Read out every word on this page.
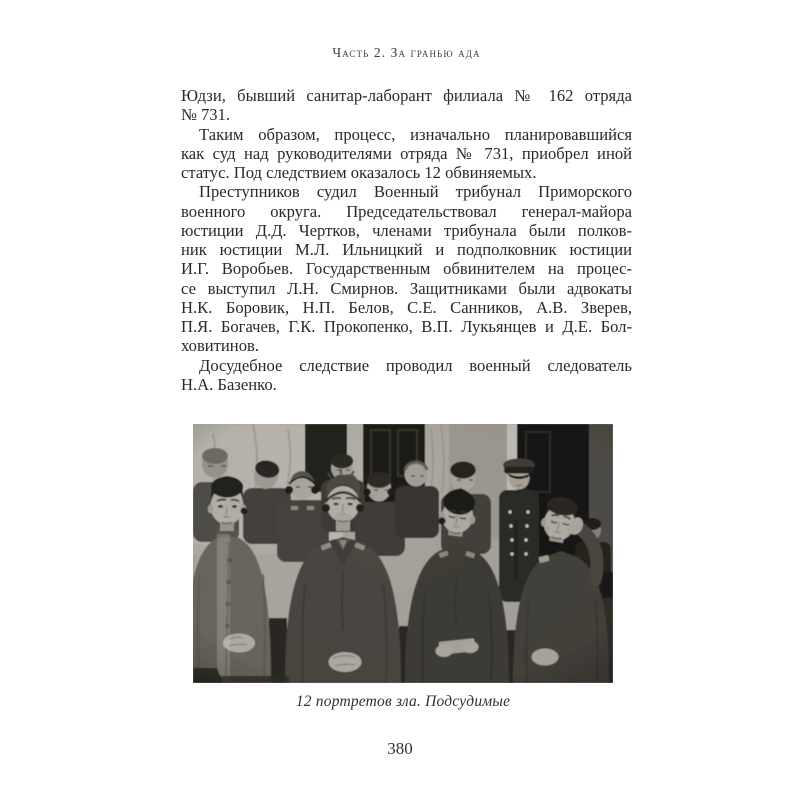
Часть 2. За гранью ада
Юдзи, бывший санитар-лаборант филиала № 162 отряда
№ 731.
Таким образом, процесс, изначально планировавшийся
как суд над руководителями отряда № 731, приобрел иной
статус. Под следствием оказалось 12 обвиняемых.
Преступников судил Военный трибунал Приморского
военного округа. Председательствовал генерал-майора
юстиции Д.Д. Чертков, членами трибунала были полков-
ник юстиции М.Л. Ильницкий и подполковник юстиции
И.Г. Воробьев. Государственным обвинителем на процес-
се выступил Л.Н. Смирнов. Защитниками были адвокаты
Н.К. Боровик, Н.П. Белов, С.Е. Санников, А.В. Зверев,
П.Я. Богачев, Г.К. Прокопенко, В.П. Лукьянцев и Д.Е. Бол-
ховитинов.
Досудебное следствие проводил военный следователь
Н.А. Базенко.
12 портретов зла. Подсудимые
380
